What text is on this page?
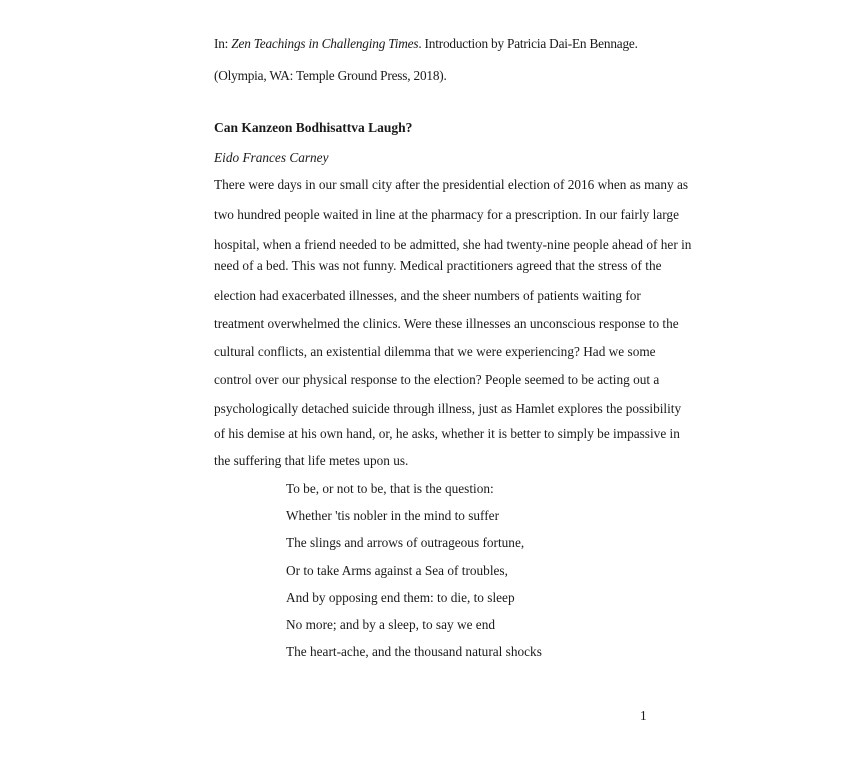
In: Zen Teachings in Challenging Times. Introduction by Patricia Dai-En Bennage.
(Olympia, WA: Temple Ground Press, 2018).
Can Kanzeon Bodhisattva Laugh?
Eido Frances Carney
There were days in our small city after the presidential election of 2016 when as many as
two hundred people waited in line at the pharmacy for a prescription. In our fairly large
hospital, when a friend needed to be admitted, she had twenty-nine people ahead of her in
need of a bed. This was not funny. Medical practitioners agreed that the stress of the
election had exacerbated illnesses, and the sheer numbers of patients waiting for
treatment overwhelmed the clinics. Were these illnesses an unconscious response to the
cultural conflicts, an existential dilemma that we were experiencing? Had we some
control over our physical response to the election? People seemed to be acting out a
psychologically detached suicide through illness, just as Hamlet explores the possibility
of his demise at his own hand, or, he asks, whether it is better to simply be impassive in
the suffering that life metes upon us.
To be, or not to be, that is the question:
Whether 'tis nobler in the mind to suffer
The slings and arrows of outrageous fortune,
Or to take Arms against a Sea of troubles,
And by opposing end them: to die, to sleep
No more; and by a sleep, to say we end
The heart-ache, and the thousand natural shocks
1
